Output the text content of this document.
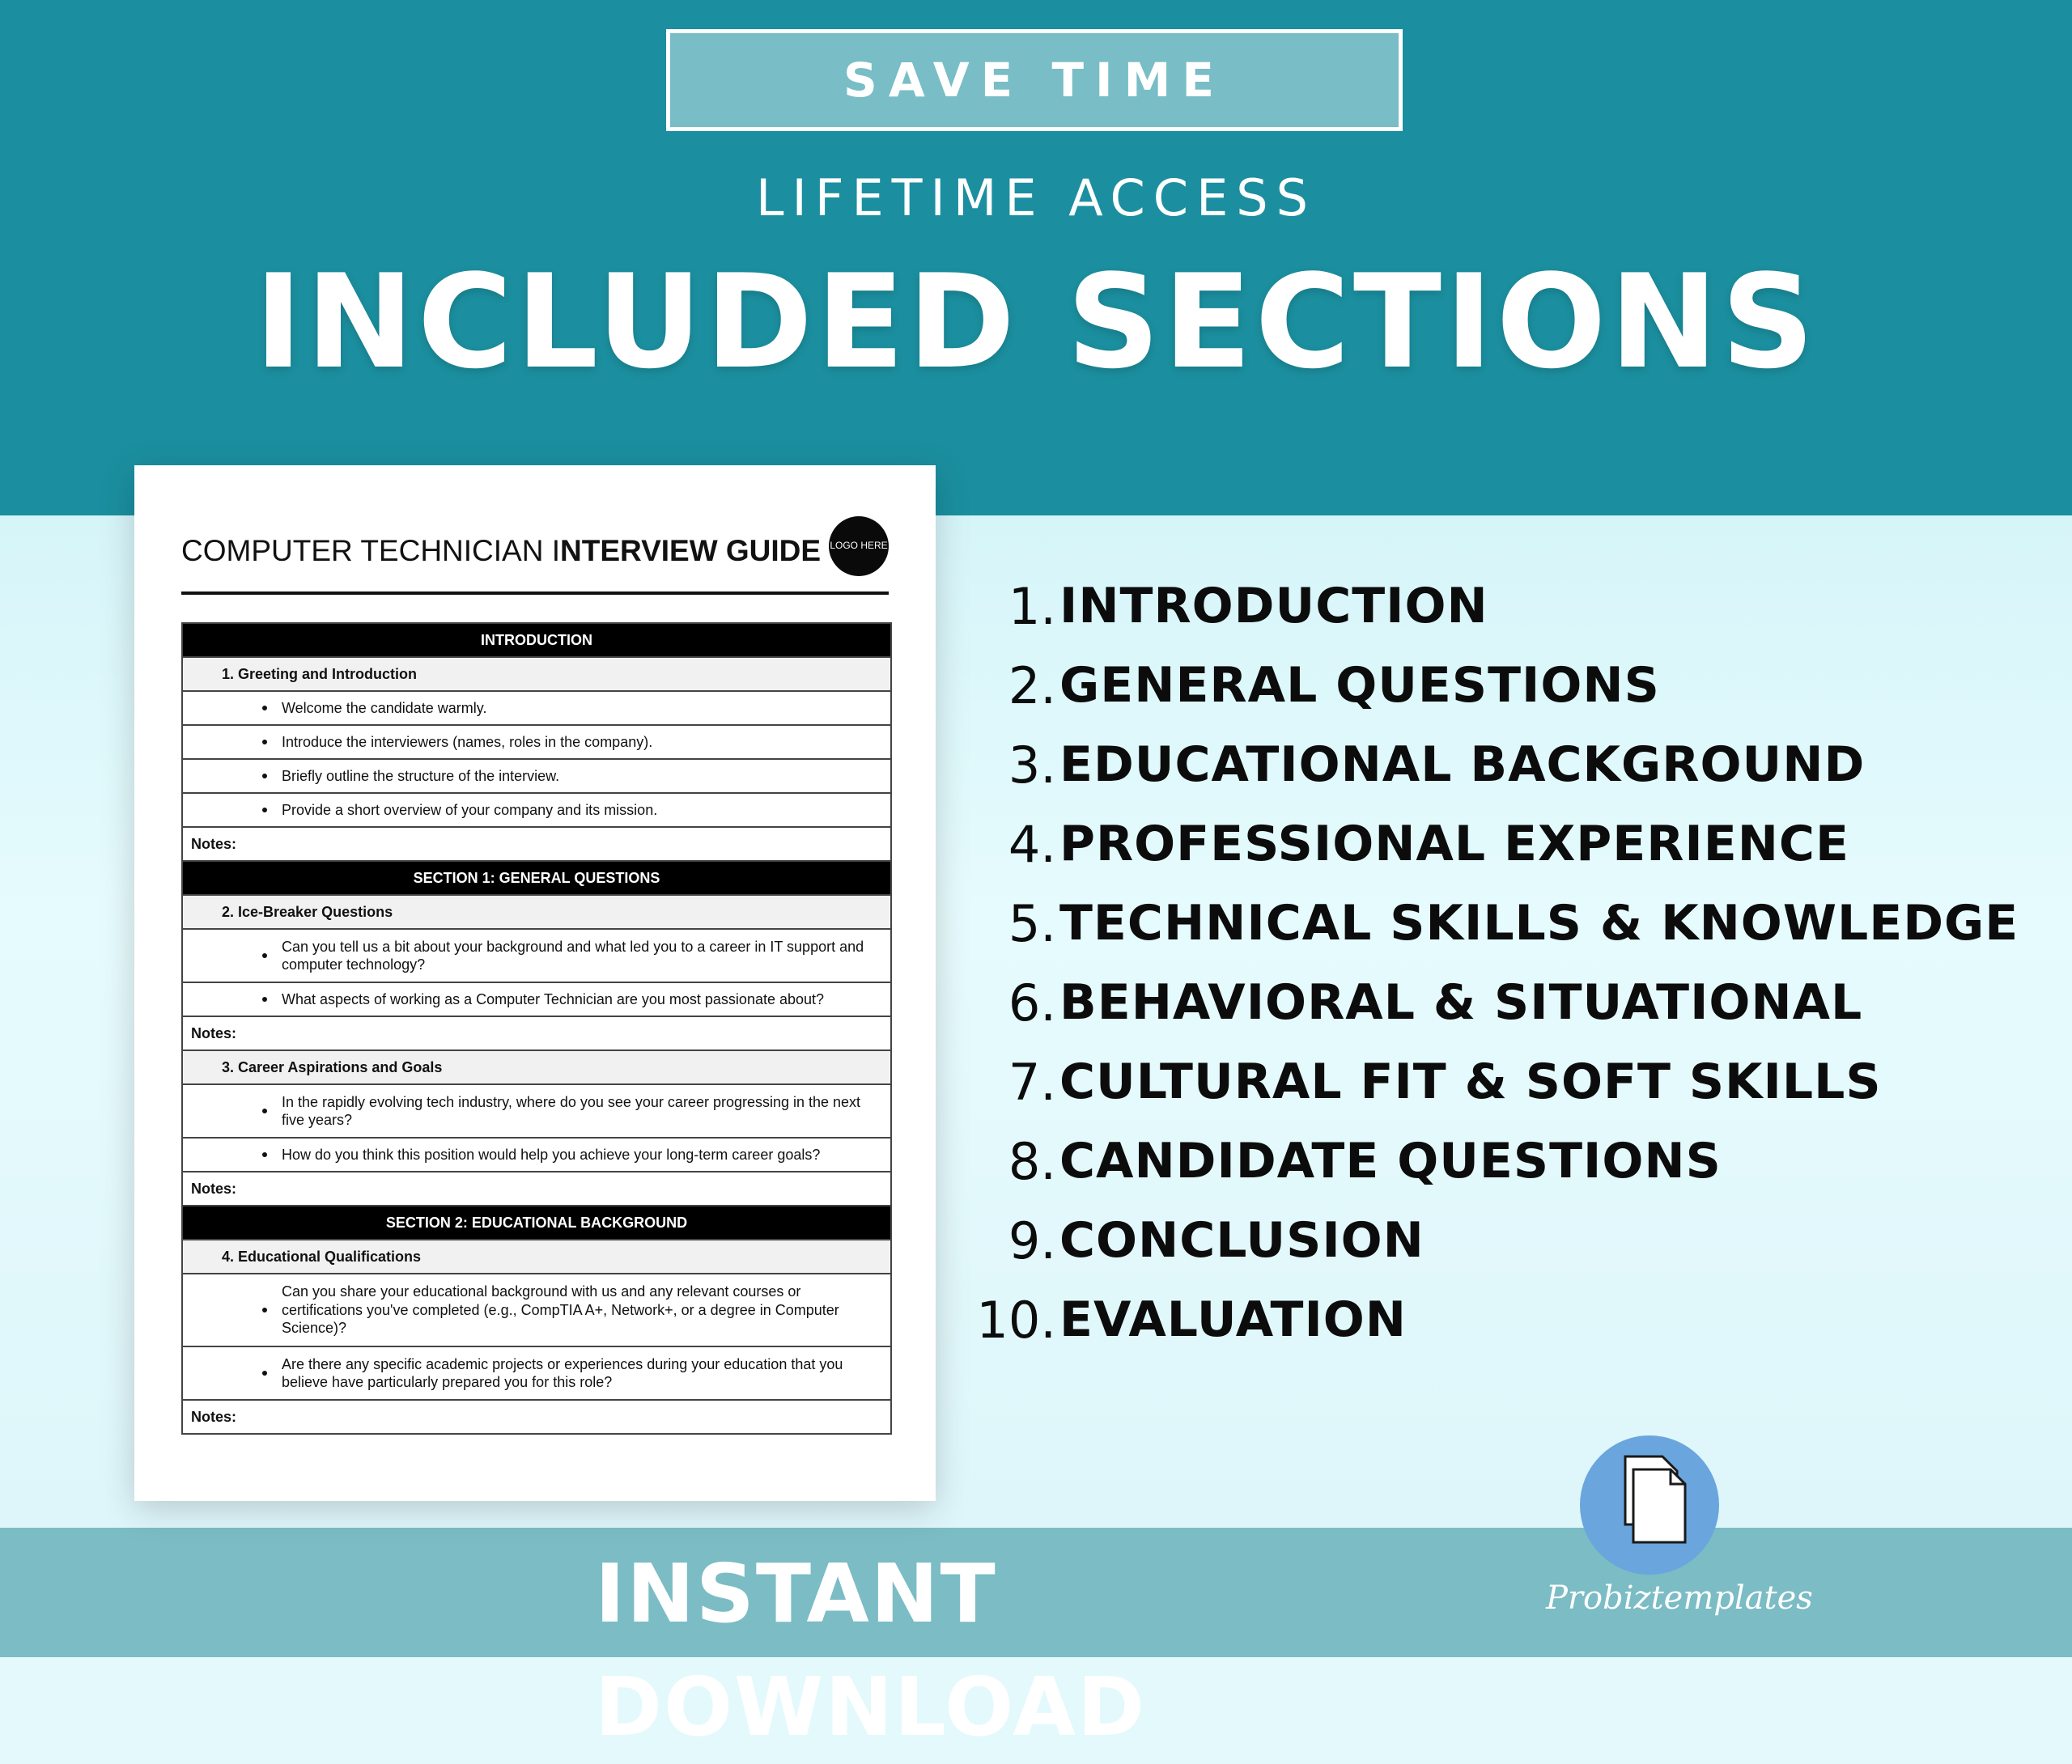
SAVE TIME
LIFETIME ACCESS
INCLUDED SECTIONS
COMPUTER TECHNICIAN INTERVIEW GUIDE LOGO HERE
INTRODUCTION
1. Greeting and Introduction
Welcome the candidate warmly.
Introduce the interviewers (names, roles in the company).
Briefly outline the structure of the interview.
Provide a short overview of your company and its mission.
Notes:
SECTION 1: GENERAL QUESTIONS
2. Ice-Breaker Questions
Can you tell us a bit about your background and what led you to a career in IT support and computer technology?
What aspects of working as a Computer Technician are you most passionate about?
Notes:
3. Career Aspirations and Goals
In the rapidly evolving tech industry, where do you see your career progressing in the next five years?
How do you think this position would help you achieve your long-term career goals?
Notes:
SECTION 2: EDUCATIONAL BACKGROUND
4. Educational Qualifications
Can you share your educational background with us and any relevant courses or certifications you've completed (e.g., CompTIA A+, Network+, or a degree in Computer Science)?
Are there any specific academic projects or experiences during your education that you believe have particularly prepared you for this role?
Notes:
1. INTRODUCTION
2. GENERAL QUESTIONS
3. EDUCATIONAL BACKGROUND
4. PROFESSIONAL EXPERIENCE
5. TECHNICAL SKILLS & KNOWLEDGE
6. BEHAVIORAL & SITUATIONAL
7. CULTURAL FIT & SOFT SKILLS
8. CANDIDATE QUESTIONS
9. CONCLUSION
10. EVALUATION
INSTANT DOWNLOAD
Probiztemplates
